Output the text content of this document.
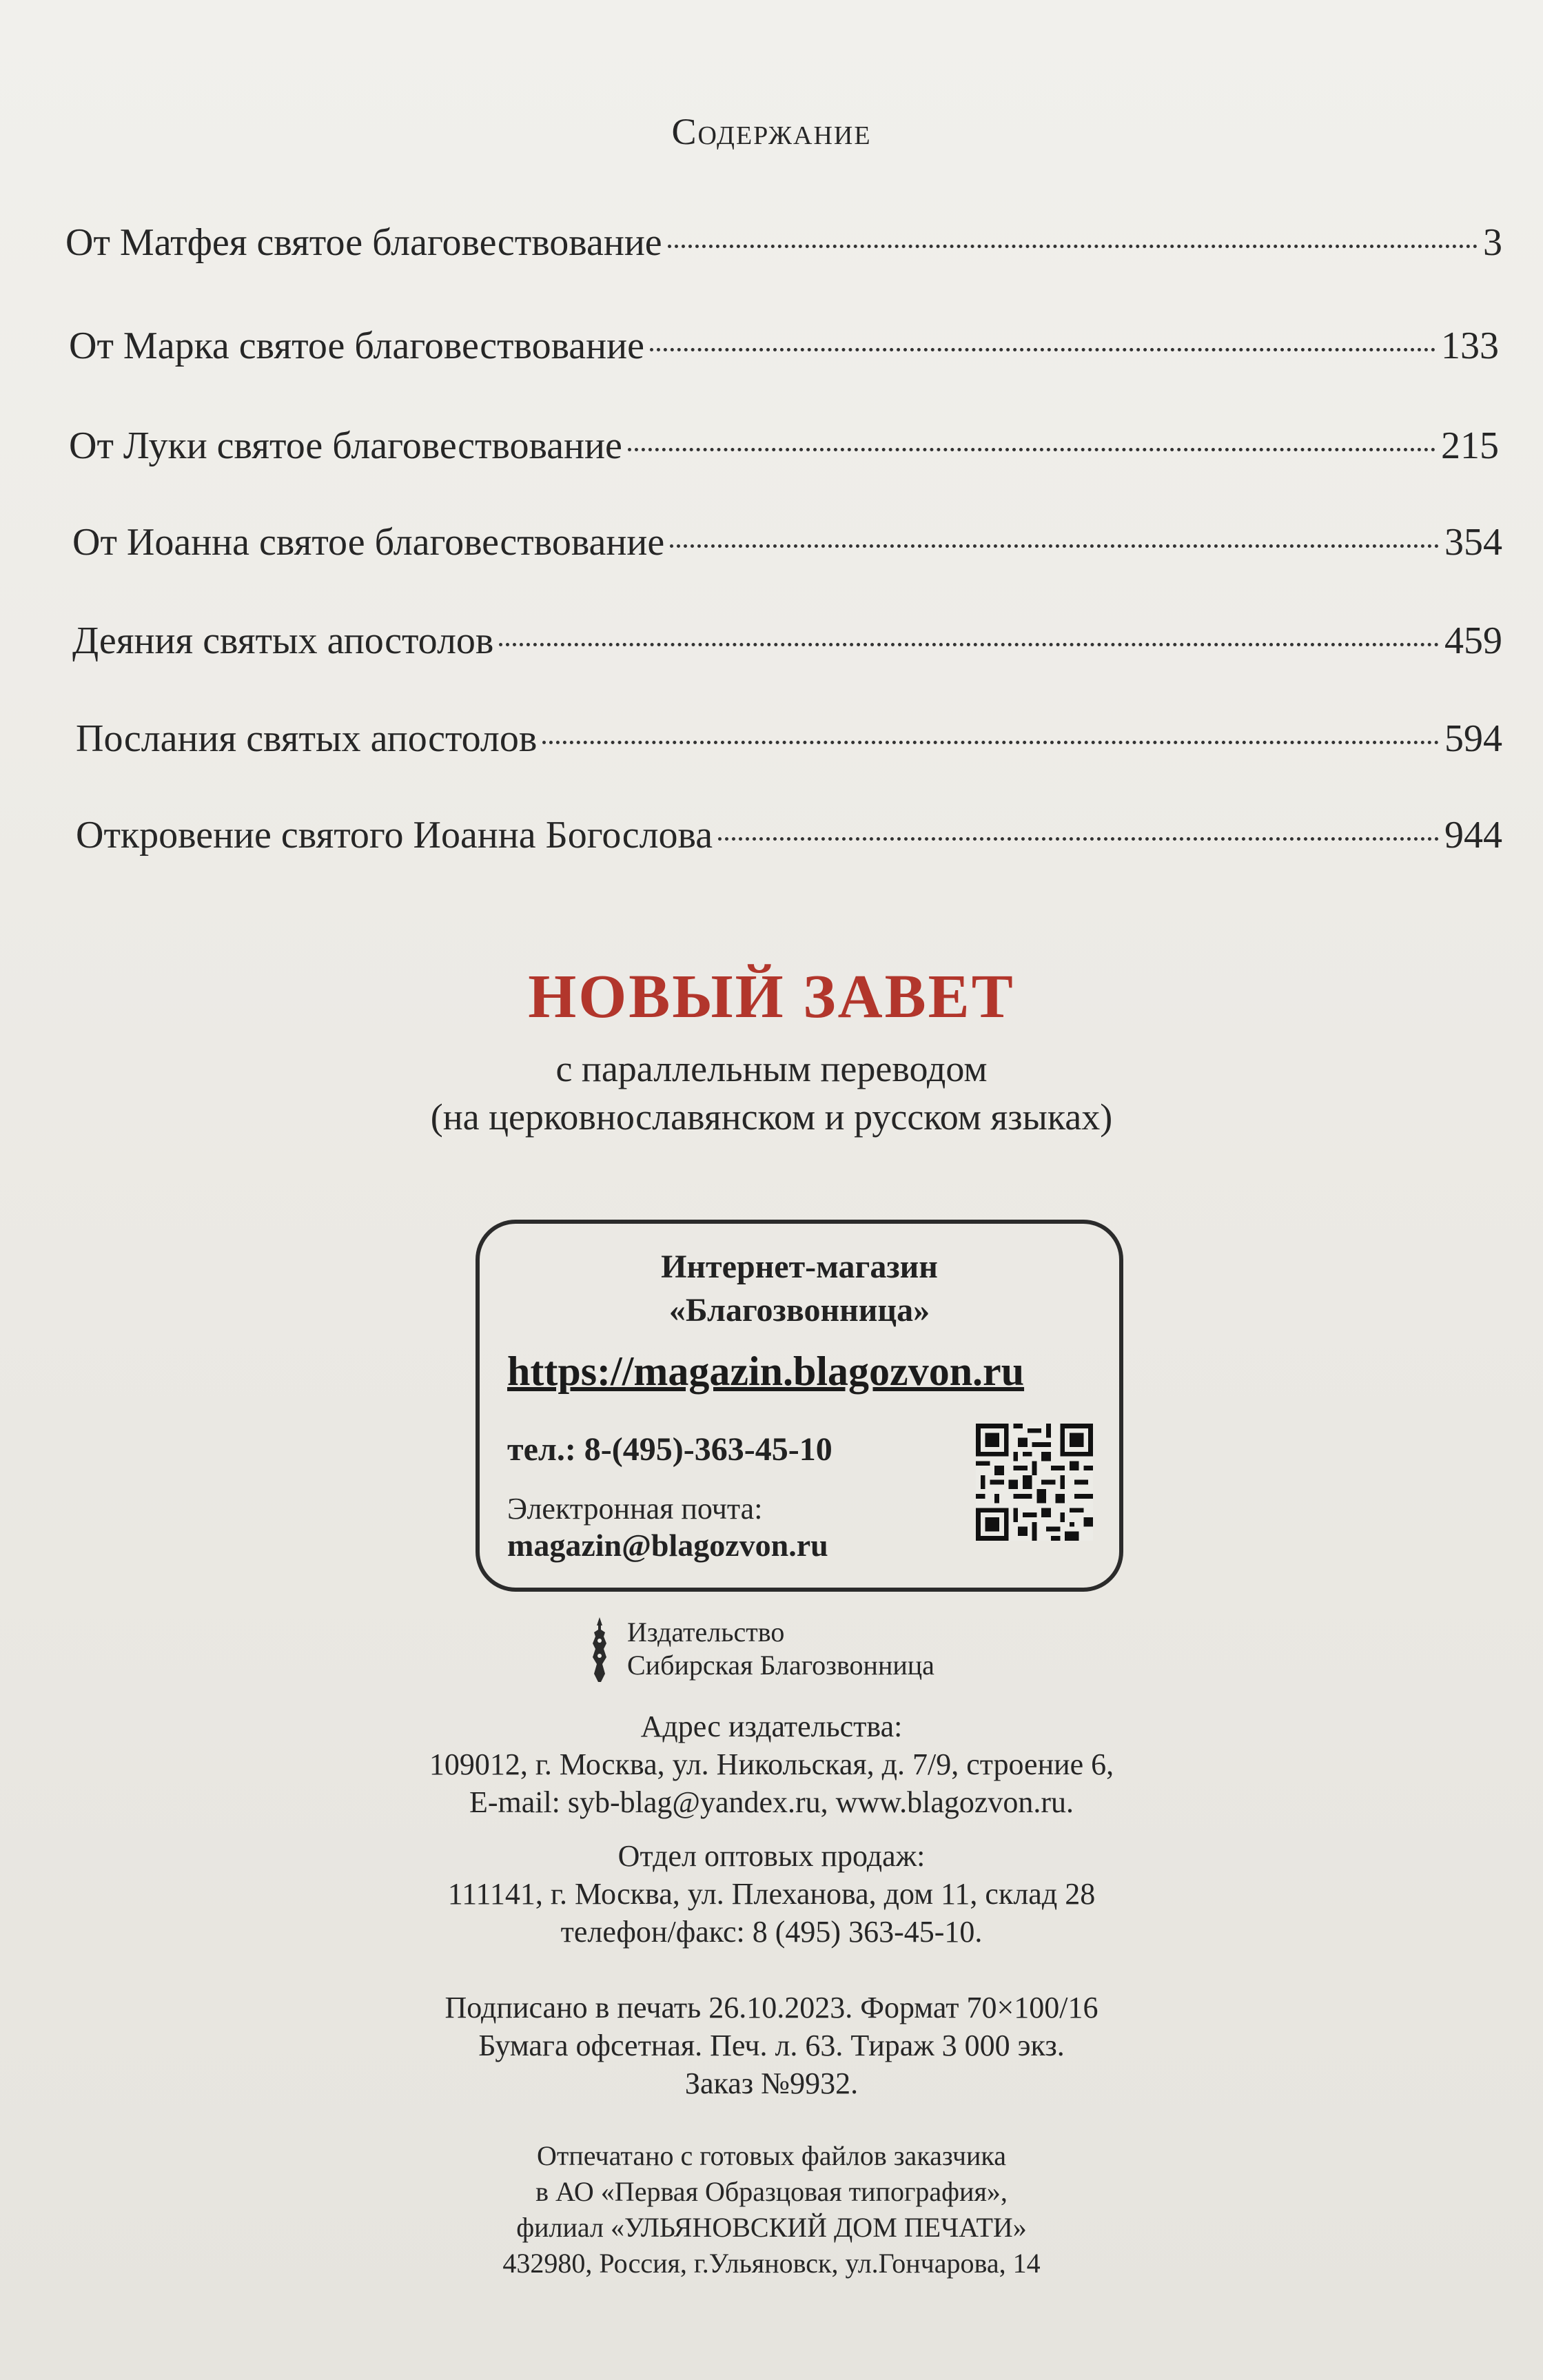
Содержание
От Матфея святое благовествование	3
От Марка святое благовествование	133
От Луки святое благовествование	215
От Иоанна святое благовествование	354
Деяния святых апостолов	459
Послания святых апостолов	594
Откровение святого Иоанна Богослова	944
НОВЫЙ ЗАВЕТ
с параллельным переводом
(на церковнославянском и русском языках)
Интернет-магазин
«Благозвонница»
https://magazin.blagozvon.ru
тел.: 8-(495)-363-45-10
Электронная почта:
magazin@blagozvon.ru
Издательство
Сибирская Благозвонница
Адрес издательства:
109012, г. Москва, ул. Никольская, д. 7/9, строение 6,
E-mail: syb-blag@yandex.ru, www.blagozvon.ru.
Отдел оптовых продаж:
111141, г. Москва, ул. Плеханова, дом 11, склад 28
телефон/факс: 8 (495) 363-45-10.
Подписано в печать 26.10.2023. Формат 70×100/16
Бумага офсетная. Печ. л. 63. Тираж 3 000 экз.
Заказ №9932.
Отпечатано с готовых файлов заказчика
в АО «Первая Образцовая типография»,
филиал «УЛЬЯНОВСКИЙ ДОМ ПЕЧАТИ»
432980, Россия, г.Ульяновск, ул.Гончарова, 14
